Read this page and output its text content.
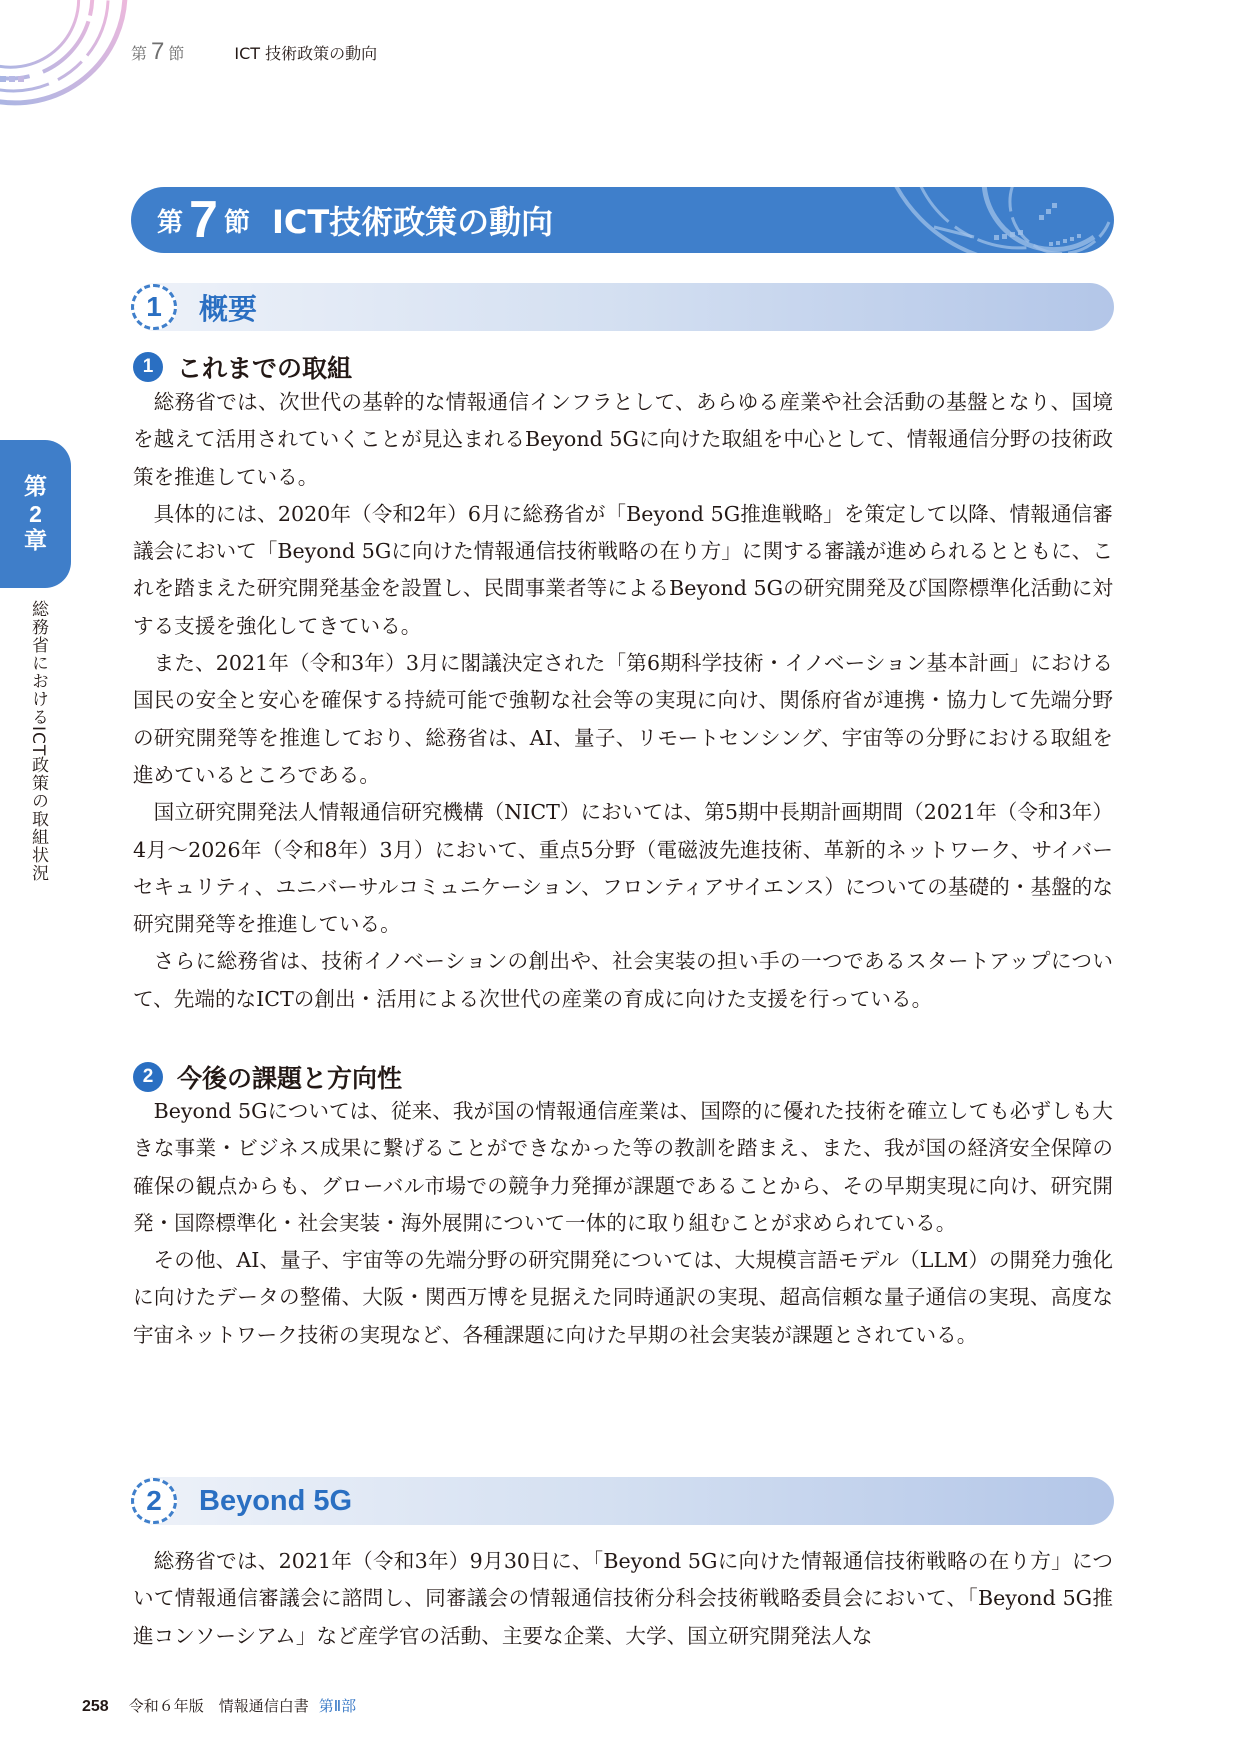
第 7 節	ICT 技術政策の動向
第
2
章
総務省におけるICT政策の取組状況
第 7 節 ICT技術政策の動向
1	概要
1 これまでの取組

総務省では、次世代の基幹的な情報通信インフラとして、あらゆる産業や社会活動の基盤となり、国境を越えて活用されていくことが見込まれるBeyond 5Gに向けた取組を中心として、情報通信分野の技術政策を推進している。

具体的には、2020年（令和2年）6月に総務省が「Beyond 5G推進戦略」を策定して以降、情報通信審議会において「Beyond 5Gに向けた情報通信技術戦略の在り方」に関する審議が進められるとともに、これを踏まえた研究開発基金を設置し、民間事業者等によるBeyond 5Gの研究開発及び国際標準化活動に対する支援を強化してきている。

また、2021年（令和3年）3月に閣議決定された「第6期科学技術・イノベーション基本計画」における国民の安全と安心を確保する持続可能で強靭な社会等の実現に向け、関係府省が連携・協力して先端分野の研究開発等を推進しており、総務省は、AI、量子、リモートセンシング、宇宙等の分野における取組を進めているところである。

国立研究開発法人情報通信研究機構（NICT）においては、第5期中長期計画期間（2021年（令和3年）4月～2026年（令和8年）3月）において、重点5分野（電磁波先進技術、革新的ネットワーク、サイバーセキュリティ、ユニバーサルコミュニケーション、フロンティアサイエンス）についての基礎的・基盤的な研究開発等を推進している。

さらに総務省は、技術イノベーションの創出や、社会実装の担い手の一つであるスタートアップについて、先端的なICTの創出・活用による次世代の産業の育成に向けた支援を行っている。

2 今後の課題と方向性

Beyond 5Gについては、従来、我が国の情報通信産業は、国際的に優れた技術を確立しても必ずしも大きな事業・ビジネス成果に繋げることができなかった等の教訓を踏まえ、また、我が国の経済安全保障の確保の観点からも、グローバル市場での競争力発揮が課題であることから、その早期実現に向け、研究開発・国際標準化・社会実装・海外展開について一体的に取り組むことが求められている。

その他、AI、量子、宇宙等の先端分野の研究開発については、大規模言語モデル（LLM）の開発力強化に向けたデータの整備、大阪・関西万博を見据えた同時通訳の実現、超高信頼な量子通信の実現、高度な宇宙ネットワーク技術の実現など、各種課題に向けた早期の社会実装が課題とされている。

2	Beyond 5G

総務省では、2021年（令和3年）9月30日に、「Beyond 5Gに向けた情報通信技術戦略の在り方」について情報通信審議会に諮問し、同審議会の情報通信技術分科会技術戦略委員会において、「Beyond 5G推進コンソーシアム」など産学官の活動、主要な企業、大学、国立研究開発法人な

258 令和６年版　情報通信白書 第Ⅱ部
